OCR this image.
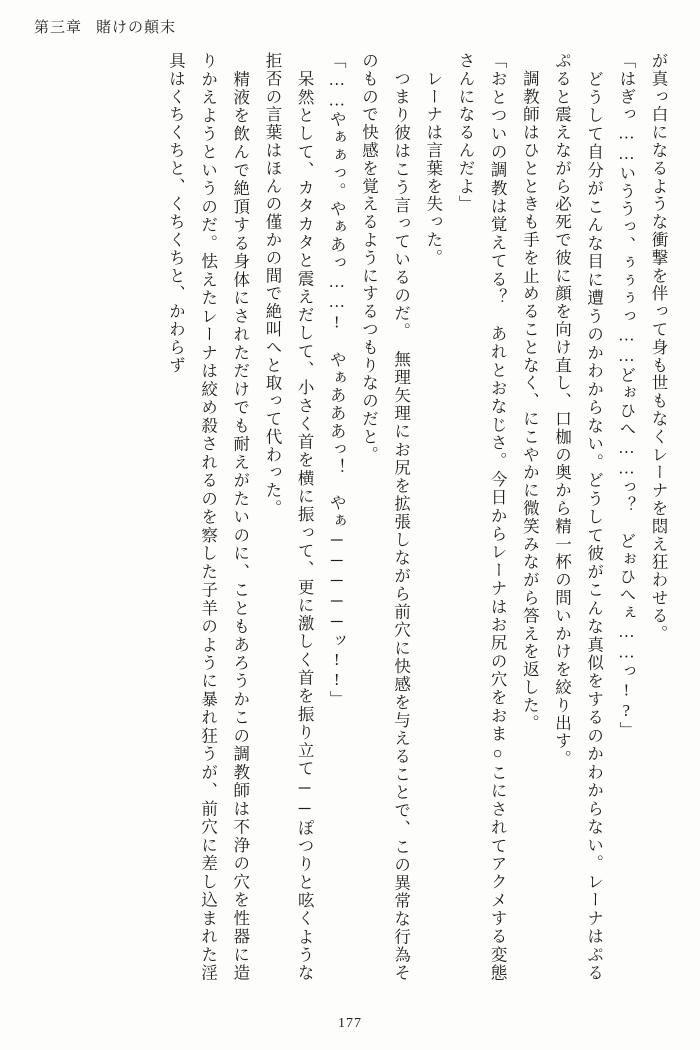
第三章 賭けの顛末

が真っ白になるような衝撃を伴って身も世もなくレーナを悶え狂わせる。

「はぎっ……いううっ、ぅぅぅっ……どぉひへ……っ？　どぉひへぇ……っ!?」

　どうして自分がこんな目に遭うのかわからない。どうして彼がこんな真似をするのかわからない。レーナはぷるぷると震えながら必死で彼に顔を向け直し、口枷の奥から精一杯の問いかけを絞り出す。

　調教師はひとときも手を止めることなく、にこやかに微笑みながら答えを返した。

「おとついの調教は覚えてる？　あれとおなじさ。今日からレーナはお尻の穴をおま○こにされてアクメする変態さんになるんだよ」

　レーナは言葉を失った。

　つまり彼はこう言っているのだ。　無理矢理にお尻を拡張しながら前穴に快感を与えることで、この異常な行為そのもので快感を覚えるようにするつもりなのだと。

「……やぁぁっ。やぁあっ……!　やぁあああっ！　やぁ─────ッ!!」

　呆然として、カタカタと震えだして、小さく首を横に振って、更に激しく首を振り立て──ぽつりと呟くような拒否の言葉はほんの僅かの間で絶叫へと取って代わった。

　精液を飲んで絶頂する身体にされただけでも耐えがたいのに、こともあろうかこの調教師は不浄の穴を性器に造りかえようというのだ。怯えたレーナは絞め殺されるのを察した子羊のように暴れ狂うが、前穴に差し込まれた淫具はくちくちと、くちくちと、かわらず

177
